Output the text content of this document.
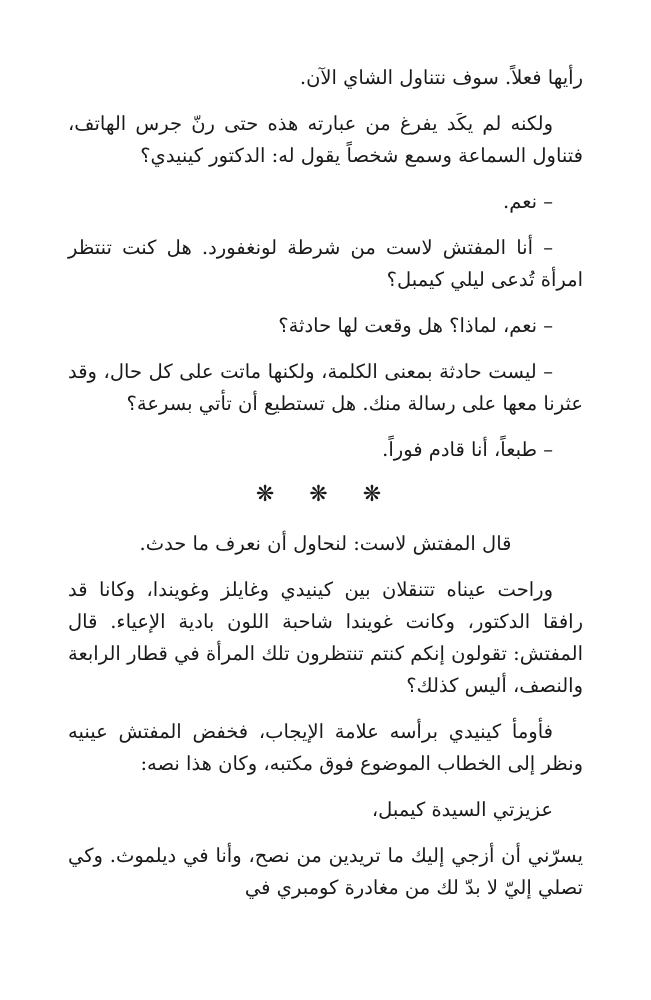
رأيها فعلاً. سوف نتناول الشاي الآن.

ولكنه لم يكَد يفرغ من عبارته هذه حتى رنّ جرس الهاتف، فتناول السماعة وسمع شخصاً يقول له: الدكتور كينيدي؟

– نعم.

– أنا المفتش لاست من شرطة لونغفورد. هل كنت تنتظر امرأة تُدعى ليلي كيمبل؟

– نعم، لماذا؟ هل وقعت لها حادثة؟

– ليست حادثة بمعنى الكلمة، ولكنها ماتت على كل حال، وقد عثرنا معها على رسالة منك. هل تستطيع أن تأتي بسرعة؟

– طبعاً، أنا قادم فوراً.

❋ ❋ ❋

قال المفتش لاست: لنحاول أن نعرف ما حدث.

وراحت عيناه تتنقلان بين كينيدي وغايلز وغويندا، وكانا قد رافقا الدكتور، وكانت غويندا شاحبة اللون بادية الإعياء. قال المفتش: تقولون إنكم كنتم تنتظرون تلك المرأة في قطار الرابعة والنصف، أليس كذلك؟

فأومأ كينيدي برأسه علامة الإيجاب، فخفض المفتش عينيه ونظر إلى الخطاب الموضوع فوق مكتبه، وكان هذا نصه:

عزيزتي السيدة كيمبل،

يسرّني أن أزجي إليك ما تريدين من نصح، وأنا في ديلموث. وكي تصلي إليّ لا بدّ لك من مغادرة كومبري في
